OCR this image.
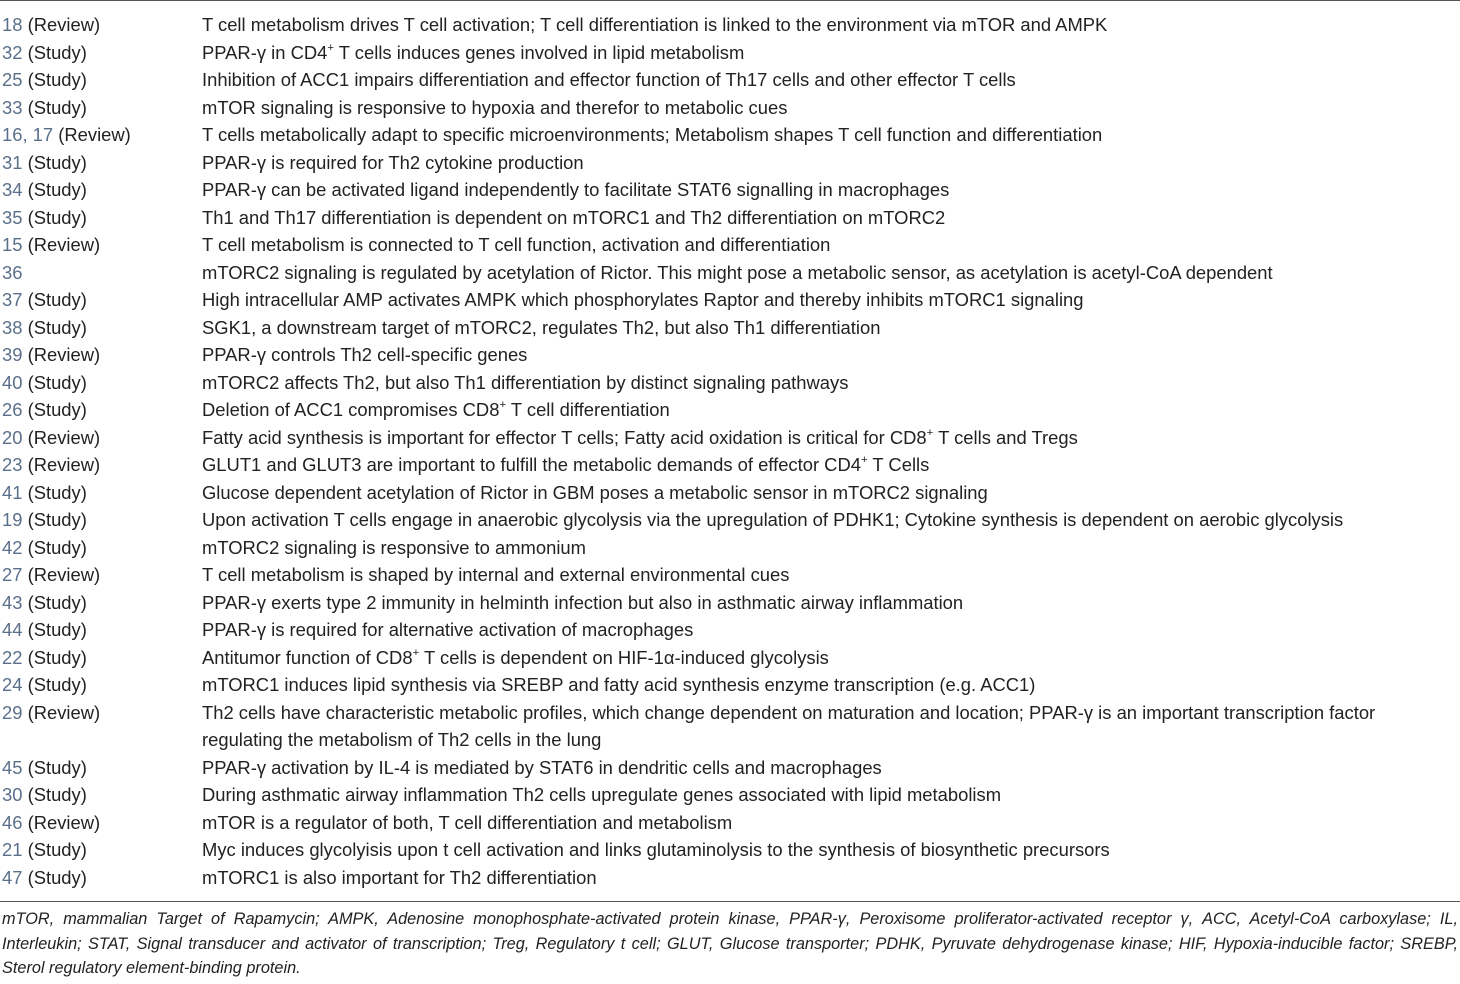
18 (Review)	T cell metabolism drives T cell activation; T cell differentiation is linked to the environment via mTOR and AMPK
32 (Study)	PPAR-γ in CD4+ T cells induces genes involved in lipid metabolism
25 (Study)	Inhibition of ACC1 impairs differentiation and effector function of Th17 cells and other effector T cells
33 (Study)	mTOR signaling is responsive to hypoxia and therefor to metabolic cues
16, 17 (Review)	T cells metabolically adapt to specific microenvironments; Metabolism shapes T cell function and differentiation
31 (Study)	PPAR-γ is required for Th2 cytokine production
34 (Study)	PPAR-γ can be activated ligand independently to facilitate STAT6 signalling in macrophages
35 (Study)	Th1 and Th17 differentiation is dependent on mTORC1 and Th2 differentiation on mTORC2
15 (Review)	T cell metabolism is connected to T cell function, activation and differentiation
36	mTORC2 signaling is regulated by acetylation of Rictor. This might pose a metabolic sensor, as acetylation is acetyl-CoA dependent
37 (Study)	High intracellular AMP activates AMPK which phosphorylates Raptor and thereby inhibits mTORC1 signaling
38 (Study)	SGK1, a downstream target of mTORC2, regulates Th2, but also Th1 differentiation
39 (Review)	PPAR-γ controls Th2 cell-specific genes
40 (Study)	mTORC2 affects Th2, but also Th1 differentiation by distinct signaling pathways
26 (Study)	Deletion of ACC1 compromises CD8+ T cell differentiation
20 (Review)	Fatty acid synthesis is important for effector T cells; Fatty acid oxidation is critical for CD8+ T cells and Tregs
23 (Review)	GLUT1 and GLUT3 are important to fulfill the metabolic demands of effector CD4+ T Cells
41 (Study)	Glucose dependent acetylation of Rictor in GBM poses a metabolic sensor in mTORC2 signaling
19 (Study)	Upon activation T cells engage in anaerobic glycolysis via the upregulation of PDHK1; Cytokine synthesis is dependent on aerobic glycolysis
42 (Study)	mTORC2 signaling is responsive to ammonium
27 (Review)	T cell metabolism is shaped by internal and external environmental cues
43 (Study)	PPAR-γ exerts type 2 immunity in helminth infection but also in asthmatic airway inflammation
44 (Study)	PPAR-γ is required for alternative activation of macrophages
22 (Study)	Antitumor function of CD8+ T cells is dependent on HIF-1α-induced glycolysis
24 (Study)	mTORC1 induces lipid synthesis via SREBP and fatty acid synthesis enzyme transcription (e.g. ACC1)
29 (Review)	Th2 cells have characteristic metabolic profiles, which change dependent on maturation and location; PPAR-γ is an important transcription factor regulating the metabolism of Th2 cells in the lung
45 (Study)	PPAR-γ activation by IL-4 is mediated by STAT6 in dendritic cells and macrophages
30 (Study)	During asthmatic airway inflammation Th2 cells upregulate genes associated with lipid metabolism
46 (Review)	mTOR is a regulator of both, T cell differentiation and metabolism
21 (Study)	Myc induces glycolyisis upon t cell activation and links glutaminolysis to the synthesis of biosynthetic precursors
47 (Study)	mTORC1 is also important for Th2 differentiation
mTOR, mammalian Target of Rapamycin; AMPK, Adenosine monophosphate-activated protein kinase, PPAR-γ, Peroxisome proliferator-activated receptor γ, ACC, Acetyl-CoA carboxylase; IL, Interleukin; STAT, Signal transducer and activator of transcription; Treg, Regulatory t cell; GLUT, Glucose transporter; PDHK, Pyruvate dehydrogenase kinase; HIF, Hypoxia-inducible factor; SREBP, Sterol regulatory element-binding protein.
